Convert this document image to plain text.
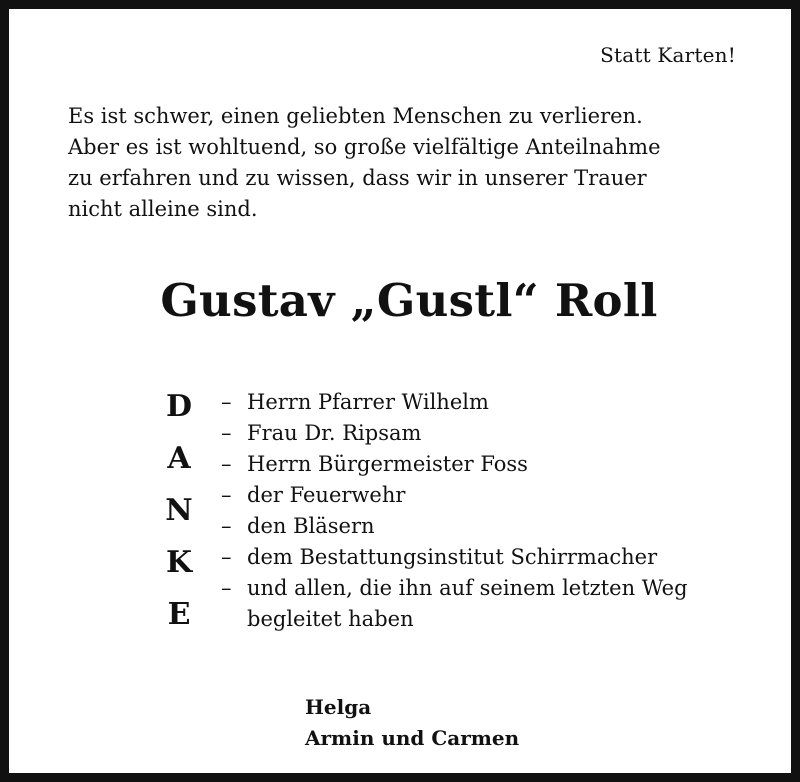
Statt Karten!
Es ist schwer, einen geliebten Menschen zu verlieren.
Aber es ist wohltuend, so große vielfältige Anteilnahme
zu erfahren und zu wissen, dass wir in unserer Trauer
nicht alleine sind.
Gustav „Gustl“ Roll
D
A
N
K
E
– Herrn Pfarrer Wilhelm
– Frau Dr. Ripsam
– Herrn Bürgermeister Foss
– der Feuerwehr
– den Bläsern
– dem Bestattungsinstitut Schirrmacher
– und allen, die ihn auf seinem letzten Weg
begleitet haben
Helga
Armin und Carmen
